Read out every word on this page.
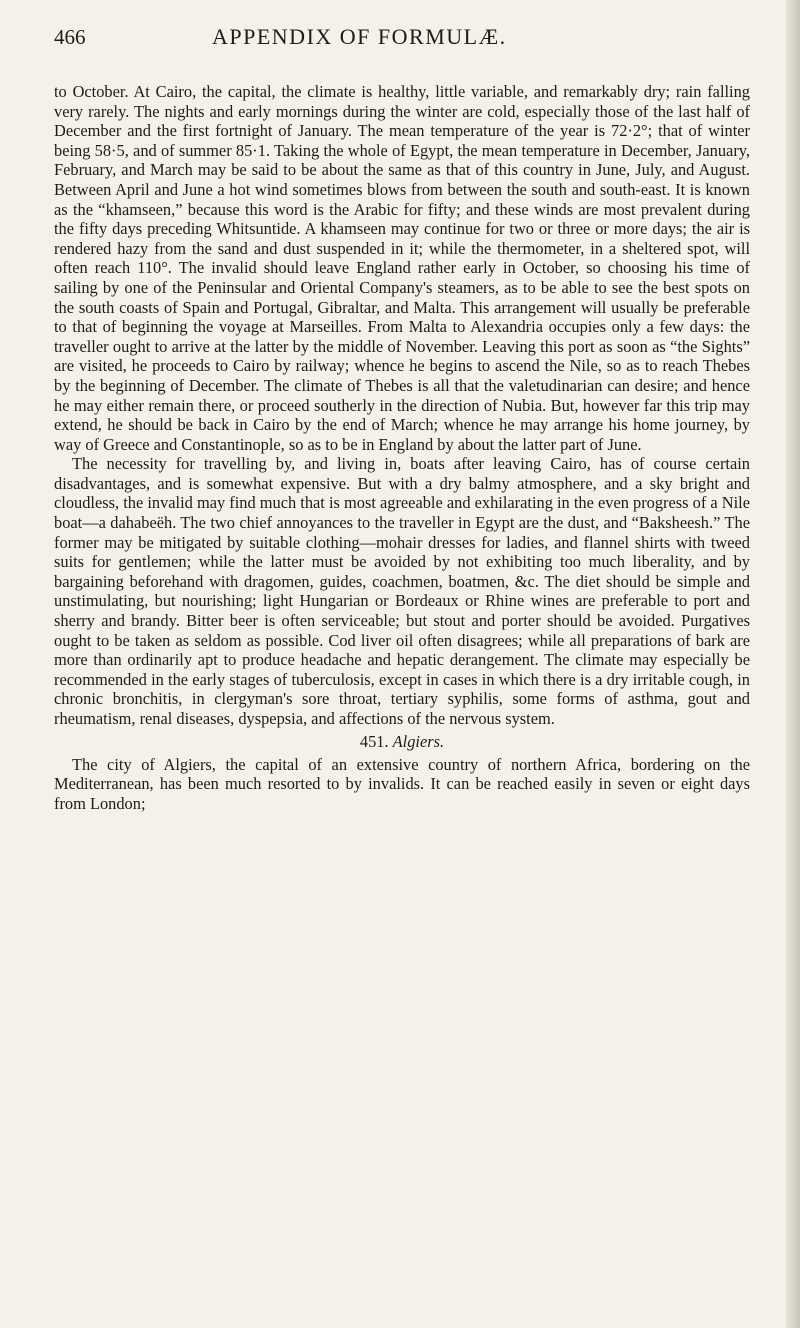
466	APPENDIX OF FORMULÆ.

to October. At Cairo, the capital, the climate is healthy, little variable, and remarkably dry; rain falling very rarely. The nights and early mornings during the winter are cold, especially those of the last half of December and the first fortnight of January. The mean temperature of the year is 72·2°; that of winter being 58·5, and of summer 85·1. Taking the whole of Egypt, the mean temperature in December, January, February, and March may be said to be about the same as that of this country in June, July, and August. Between April and June a hot wind sometimes blows from between the south and south-east. It is known as the “khamseen,” because this word is the Arabic for fifty; and these winds are most prevalent during the fifty days preceding Whitsuntide. A khamseen may continue for two or three or more days; the air is rendered hazy from the sand and dust suspended in it; while the thermometer, in a sheltered spot, will often reach 110°. The invalid should leave England rather early in October, so choosing his time of sailing by one of the Peninsular and Oriental Company's steamers, as to be able to see the best spots on the south coasts of Spain and Portugal, Gibraltar, and Malta. This arrangement will usually be preferable to that of beginning the voyage at Marseilles. From Malta to Alexandria occupies only a few days: the traveller ought to arrive at the latter by the middle of November. Leaving this port as soon as “the Sights” are visited, he proceeds to Cairo by railway; whence he begins to ascend the Nile, so as to reach Thebes by the beginning of December. The climate of Thebes is all that the valetudinarian can desire; and hence he may either remain there, or proceed southerly in the direction of Nubia. But, however far this trip may extend, he should be back in Cairo by the end of March; whence he may arrange his home journey, by way of Greece and Constantinople, so as to be in England by about the latter part of June.

The necessity for travelling by, and living in, boats after leaving Cairo, has of course certain disadvantages, and is somewhat expensive. But with a dry balmy atmosphere, and a sky bright and cloudless, the invalid may find much that is most agreeable and exhilarating in the even progress of a Nile boat—a dahabeëh. The two chief annoyances to the traveller in Egypt are the dust, and “Baksheesh.” The former may be mitigated by suitable clothing—mohair dresses for ladies, and flannel shirts with tweed suits for gentlemen; while the latter must be avoided by not exhibiting too much liberality, and by bargaining beforehand with dragomen, guides, coachmen, boatmen, &c. The diet should be simple and unstimulating, but nourishing; light Hungarian or Bordeaux or Rhine wines are preferable to port and sherry and brandy. Bitter beer is often serviceable; but stout and porter should be avoided. Purgatives ought to be taken as seldom as possible. Cod liver oil often disagrees; while all preparations of bark are more than ordinarily apt to produce headache and hepatic derangement. The climate may especially be recommended in the early stages of tuberculosis, except in cases in which there is a dry irritable cough, in chronic bronchitis, in clergyman's sore throat, tertiary syphilis, some forms of asthma, gout and rheumatism, renal diseases, dyspepsia, and affections of the nervous system.

451. Algiers.

The city of Algiers, the capital of an extensive country of northern Africa, bordering on the Mediterranean, has been much resorted to by invalids. It can be reached easily in seven or eight days from London;
